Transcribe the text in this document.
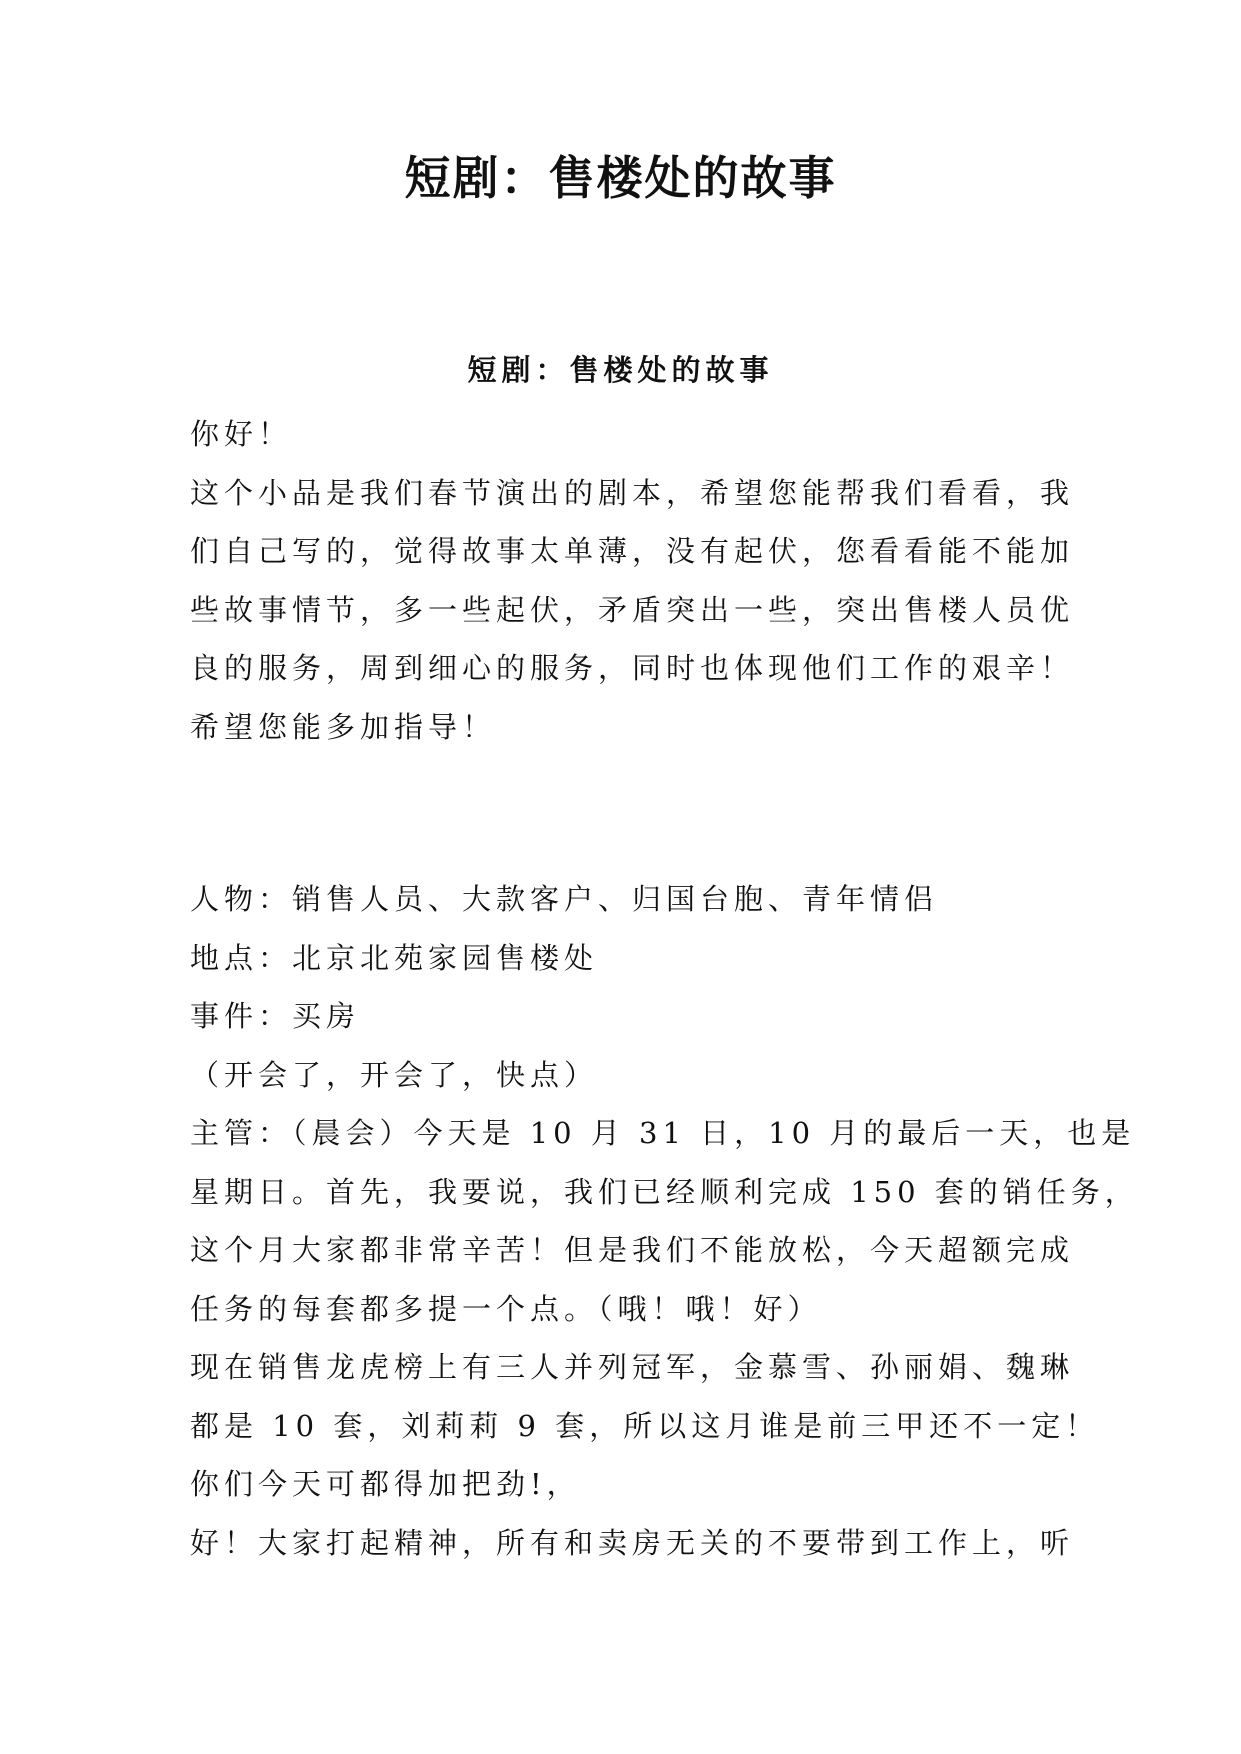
短剧：售楼处的故事
短剧：售楼处的故事
你好！
这个小品是我们春节演出的剧本，希望您能帮我们看看，我
们自己写的，觉得故事太单薄，没有起伏，您看看能不能加
些故事情节，多一些起伏，矛盾突出一些，突出售楼人员优
良的服务，周到细心的服务，同时也体现他们工作的艰辛！
希望您能多加指导！
人物：销售人员、大款客户、归国台胞、青年情侣
地点：北京北苑家园售楼处
事件：买房
（开会了，开会了，快点）
主管：（晨会）今天是 10 月 31 日，10 月的最后一天，也是
星期日。首先，我要说，我们已经顺利完成 150 套的销任务，
这个月大家都非常辛苦！但是我们不能放松，今天超额完成
任务的每套都多提一个点。（哦！哦！好）
现在销售龙虎榜上有三人并列冠军，金慕雪、孙丽娟、魏琳
都是 10 套，刘莉莉 9 套，所以这月谁是前三甲还不一定！
你们今天可都得加把劲!，
好！大家打起精神，所有和卖房无关的不要带到工作上，听
